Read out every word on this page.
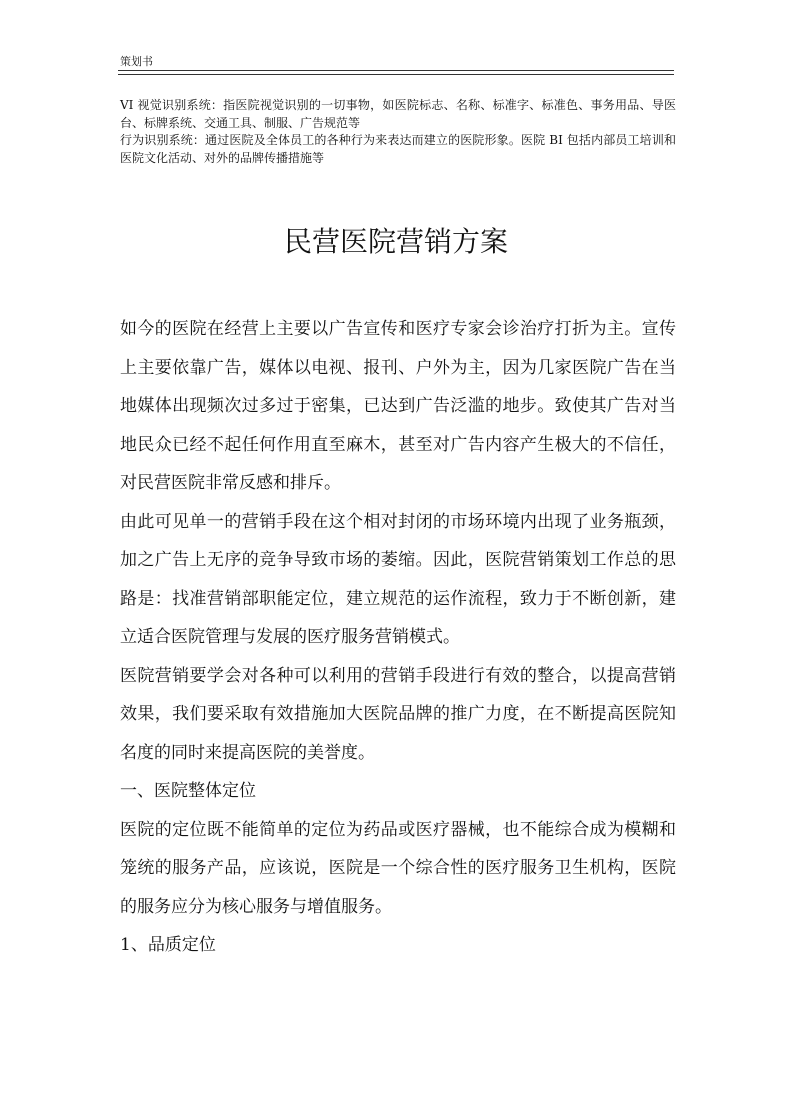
策划书

VI 视觉识别系统：指医院视觉识别的一切事物，如医院标志、名称、标准字、标准色、事务用品、导医台、标牌系统、交通工具、制服、广告规范等

行为识别系统：通过医院及全体员工的各种行为来表达而建立的医院形象。医院 BI 包括内部员工培训和医院文化活动、对外的品牌传播措施等

民营医院营销方案

如今的医院在经营上主要以广告宣传和医疗专家会诊治疗打折为主。宣传上主要依靠广告，媒体以电视、报刊、户外为主，因为几家医院广告在当地媒体出现频次过多过于密集，已达到广告泛滥的地步。致使其广告对当地民众已经不起任何作用直至麻木，甚至对广告内容产生极大的不信任，对民营医院非常反感和排斥。

由此可见单一的营销手段在这个相对封闭的市场环境内出现了业务瓶颈，加之广告上无序的竞争导致市场的萎缩。因此，医院营销策划工作总的思路是：找准营销部职能定位，建立规范的运作流程，致力于不断创新，建立适合医院管理与发展的医疗服务营销模式。

医院营销要学会对各种可以利用的营销手段进行有效的整合，以提高营销效果，我们要采取有效措施加大医院品牌的推广力度，在不断提高医院知名度的同时来提高医院的美誉度。

一、医院整体定位

医院的定位既不能简单的定位为药品或医疗器械，也不能综合成为模糊和笼统的服务产品，应该说，医院是一个综合性的医疗服务卫生机构，医院的服务应分为核心服务与增值服务。

1、品质定位
